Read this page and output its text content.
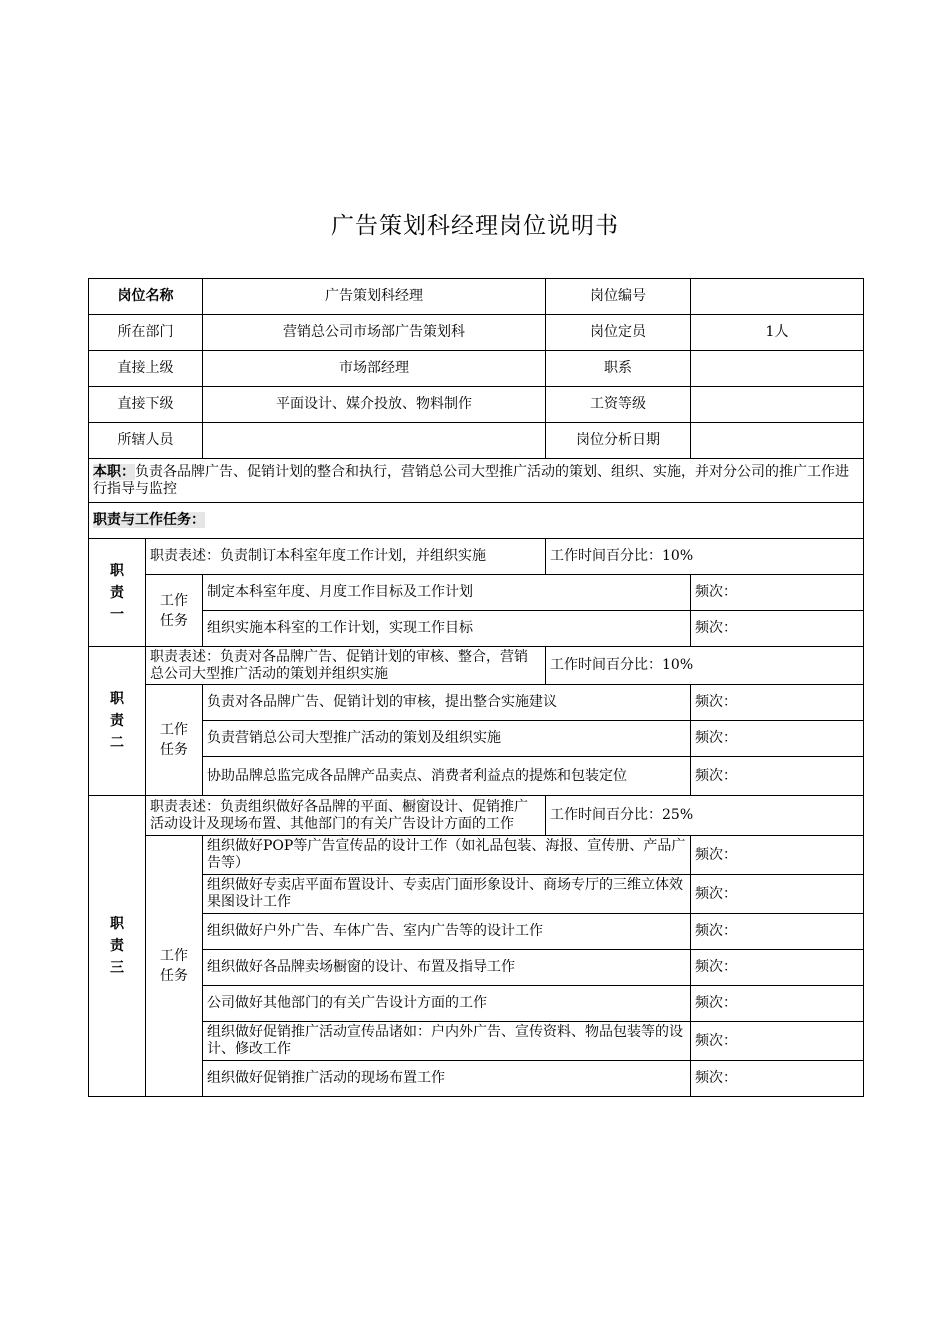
广告策划科经理岗位说明书
岗位名称		广告策划科经理	岗位编号	
所在部门		营销总公司市场部广告策划科	岗位定员	1人
直接上级		市场部经理	职系	
直接下级		平面设计、媒介投放、物料制作	工资等级	
所辖人员			岗位分析日期	
本职：负责各品牌广告、促销计划的整合和执行，营销总公司大型推广活动的策划、组织、实施，并对分公司的推广工作进行指导与监控				
职责与工作任务：				
职
责
一	职责表述：负责制订本科室年度工作计划，并组织实施		工作时间百分比：10%	
	工作
任务	制定本科室年度、月度工作目标及工作计划		频次：
		组织实施本科室的工作计划，实现工作目标		频次：
职
责
二	职责表述：负责对各品牌广告、促销计划的审核、整合，营销总公司大型推广活动的策划并组织实施		工作时间百分比：10%	
	工作
任务	负责对各品牌广告、促销计划的审核，提出整合实施建议		频次：
		负责营销总公司大型推广活动的策划及组织实施		频次：
		协助品牌总监完成各品牌产品卖点、消费者利益点的提炼和包装定位		频次：
职
责
三	职责表述：负责组织做好各品牌的平面、橱窗设计、促销推广活动设计及现场布置、其他部门的有关广告设计方面的工作		工作时间百分比：25%	
	工作
任务	组织做好POP等广告宣传品的设计工作（如礼品包装、海报、宣传册、产品广告等）		频次：
		组织做好专卖店平面布置设计、专卖店门面形象设计、商场专厅的三维立体效果图设计工作		频次：
		组织做好户外广告、车体广告、室内广告等的设计工作		频次：
		组织做好各品牌卖场橱窗的设计、布置及指导工作		频次：
		公司做好其他部门的有关广告设计方面的工作		频次：
		组织做好促销推广活动宣传品诸如：户内外广告、宣传资料、物品包装等的设计、修改工作		频次：
		组织做好促销推广活动的现场布置工作		频次：
